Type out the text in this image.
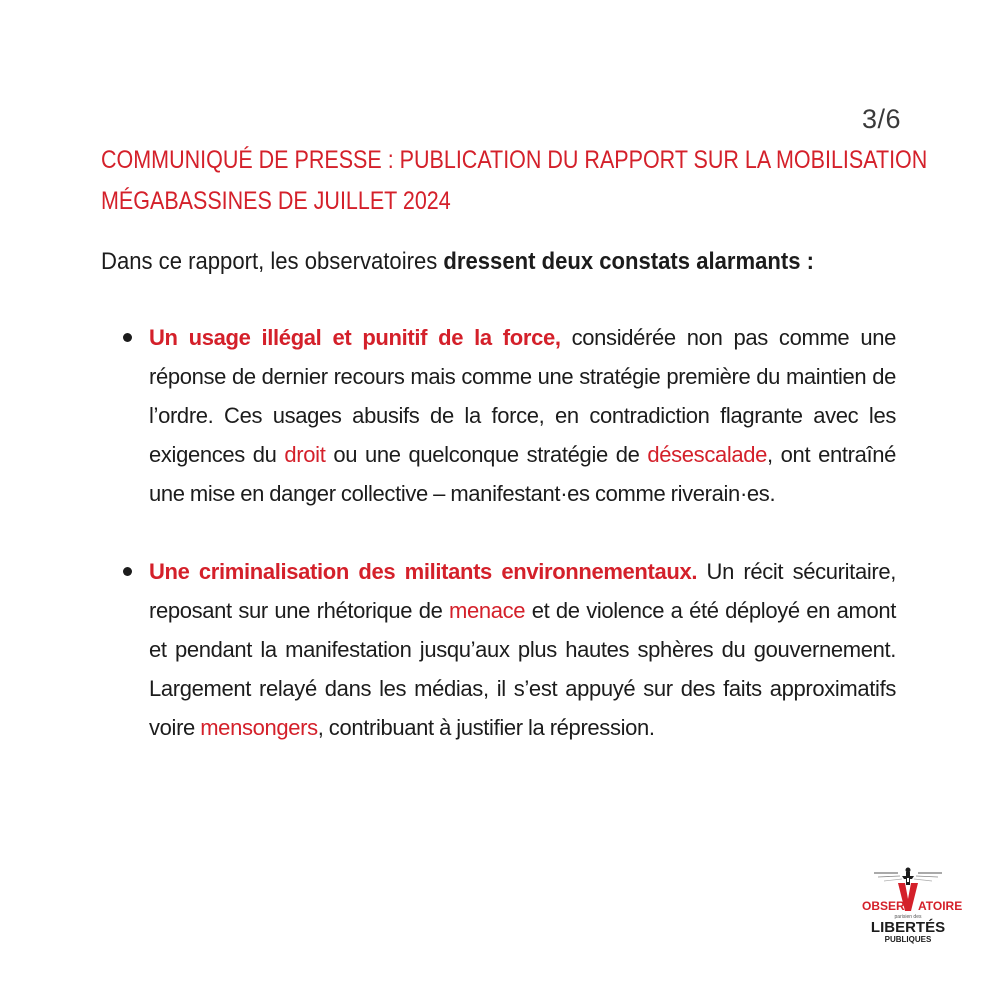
3/6
COMMUNIQUÉ DE PRESSE : PUBLICATION DU RAPPORT SUR LA MOBILISATION
MÉGABASSINES DE JUILLET 2024

Dans ce rapport, les observatoires dressent deux constats alarmants :

Un usage illégal et punitif de la force, considérée non pas comme une réponse de dernier recours mais comme une stratégie première du maintien de l’ordre. Ces usages abusifs de la force, en contradiction flagrante avec les exigences du droit ou une quelconque stratégie de désescalade, ont entraîné une mise en danger collective – manifestant·es comme riverain·es.
Une criminalisation des militants environnementaux. Un récit sécuritaire, reposant sur une rhétorique de menace et de violence a été déployé en amont et pendant la manifestation jusqu’aux plus hautes sphères du gouvernement. Largement relayé dans les médias, il s’est appuyé sur des faits approximatifs voire mensongers, contribuant à justifier la répression.
OBSER ATOIRE
parisien des
LIBERTÉS
PUBLIQUES
